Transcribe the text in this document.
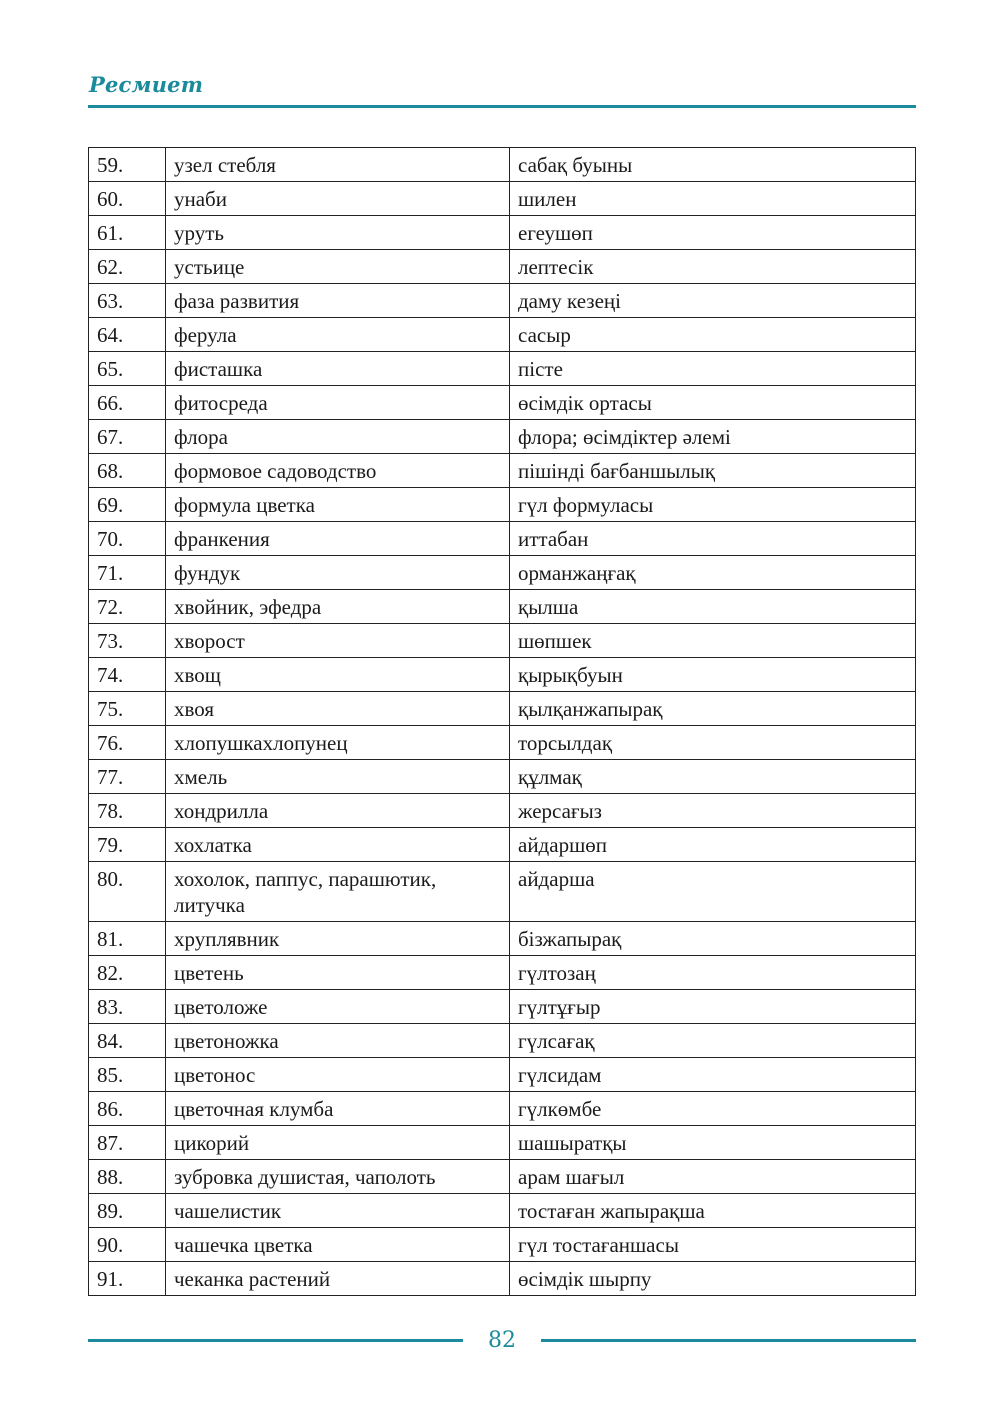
Ресмиет
59.	узел стебля	сабақ буыны
60.	унаби	шилен
61.	уруть	егеушөп
62.	устьице	лептесік
63.	фаза развития	даму кезеңі
64.	ферула	сасыр
65.	фисташка	пісте
66.	фитосреда	өсімдік ортасы
67.	флора	флора; өсімдіктер әлемі
68.	формовое садоводство	пішінді бағбаншылық
69.	формула цветка	гүл формуласы
70.	франкения	иттабан
71.	фундук	орманжаңғақ
72.	хвойник, эфедра	қылша
73.	хворост	шөпшек
74.	хвощ	қырықбуын
75.	хвоя	қылқанжапырақ
76.	хлопушкахлопунец	торсылдақ
77.	хмель	құлмақ
78.	хондрилла	жерсағыз
79.	хохлатка	айдаршөп
80.	хохолок, паппус, парашютик, литучка	айдарша
81.	хруплявник	бізжапырақ
82.	цветень	гүлтозаң
83.	цветоложе	гүлтұғыр
84.	цветоножка	гүлсағақ
85.	цветонос	гүлсидам
86.	цветочная клумба	гүлкөмбе
87.	цикорий	шашыратқы
88.	зубровка душистая, чаполоть	арам шағыл
89.	чашелистик	тостаған жапырақша
90.	чашечка цветка	гүл тостағаншасы
91.	чеканка растений	өсімдік шырпу
82
